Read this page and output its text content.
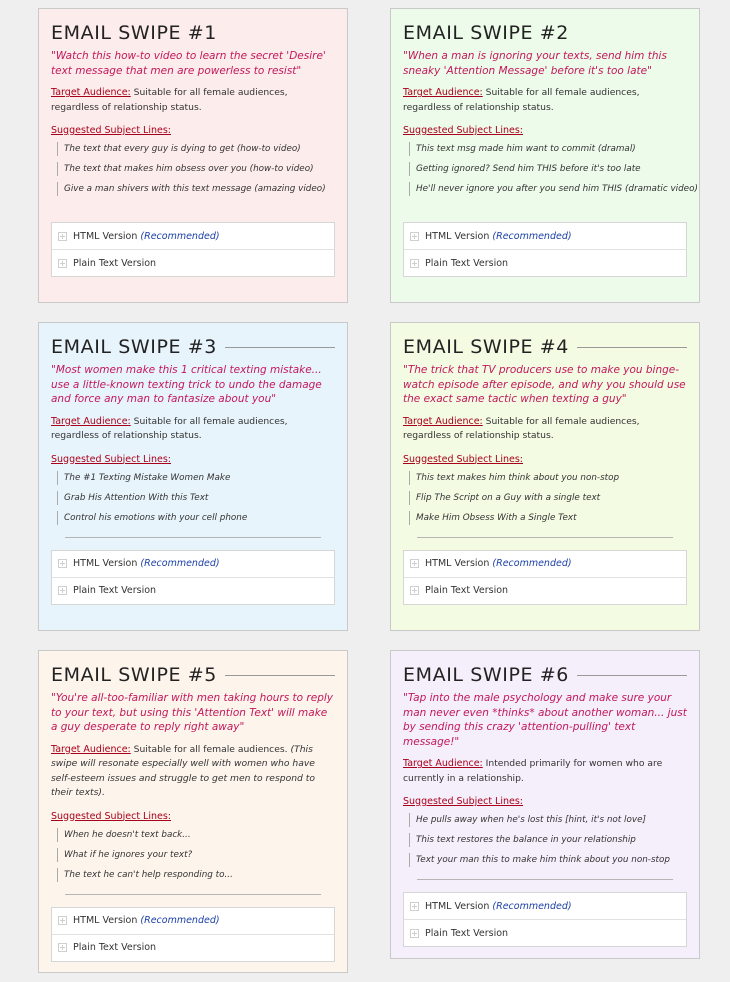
EMAIL SWIPE #1
"Watch this how-to video to learn the secret 'Desire' text message that men are powerless to resist"
Target Audience: Suitable for all female audiences, regardless of relationship status.
Suggested Subject Lines:
The text that every guy is dying to get (how-to video)
The text that makes him obsess over you (how-to video)
Give a man shivers with this text message (amazing video)
HTML Version (Recommended)
Plain Text Version
EMAIL SWIPE #2
"When a man is ignoring your texts, send him this sneaky 'Attention Message' before it's too late"
Target Audience: Suitable for all female audiences, regardless of relationship status.
Suggested Subject Lines:
This text msg made him want to commit (dramal)
Getting ignored? Send him THIS before it's too late
He'll never ignore you after you send him THIS (dramatic video)
HTML Version (Recommended)
Plain Text Version
EMAIL SWIPE #3
"Most women make this 1 critical texting mistake... use a little-known texting trick to undo the damage and force any man to fantasize about you"
Target Audience: Suitable for all female audiences, regardless of relationship status.
Suggested Subject Lines:
The #1 Texting Mistake Women Make
Grab His Attention With this Text
Control his emotions with your cell phone
HTML Version (Recommended)
Plain Text Version
EMAIL SWIPE #4
"The trick that TV producers use to make you binge-watch episode after episode, and why you should use the exact same tactic when texting a guy"
Target Audience: Suitable for all female audiences, regardless of relationship status.
Suggested Subject Lines:
This text makes him think about you non-stop
Flip The Script on a Guy with a single text
Make Him Obsess With a Single Text
HTML Version (Recommended)
Plain Text Version
EMAIL SWIPE #5
"You're all-too-familiar with men taking hours to reply to your text, but using this 'Attention Text' will make a guy desperate to reply right away"
Target Audience: Suitable for all female audiences. (This swipe will resonate especially well with women who have self-esteem issues and struggle to get men to respond to their texts).
Suggested Subject Lines:
When he doesn't text back...
What if he ignores your text?
The text he can't help responding to...
HTML Version (Recommended)
Plain Text Version
EMAIL SWIPE #6
"Tap into the male psychology and make sure your man never even *thinks* about another woman... just by sending this crazy 'attention-pulling' text message!"
Target Audience: Intended primarily for women who are currently in a relationship.
Suggested Subject Lines:
He pulls away when he's lost this [hint, it's not love]
This text restores the balance in your relationship
Text your man this to make him think about you non-stop
HTML Version (Recommended)
Plain Text Version
